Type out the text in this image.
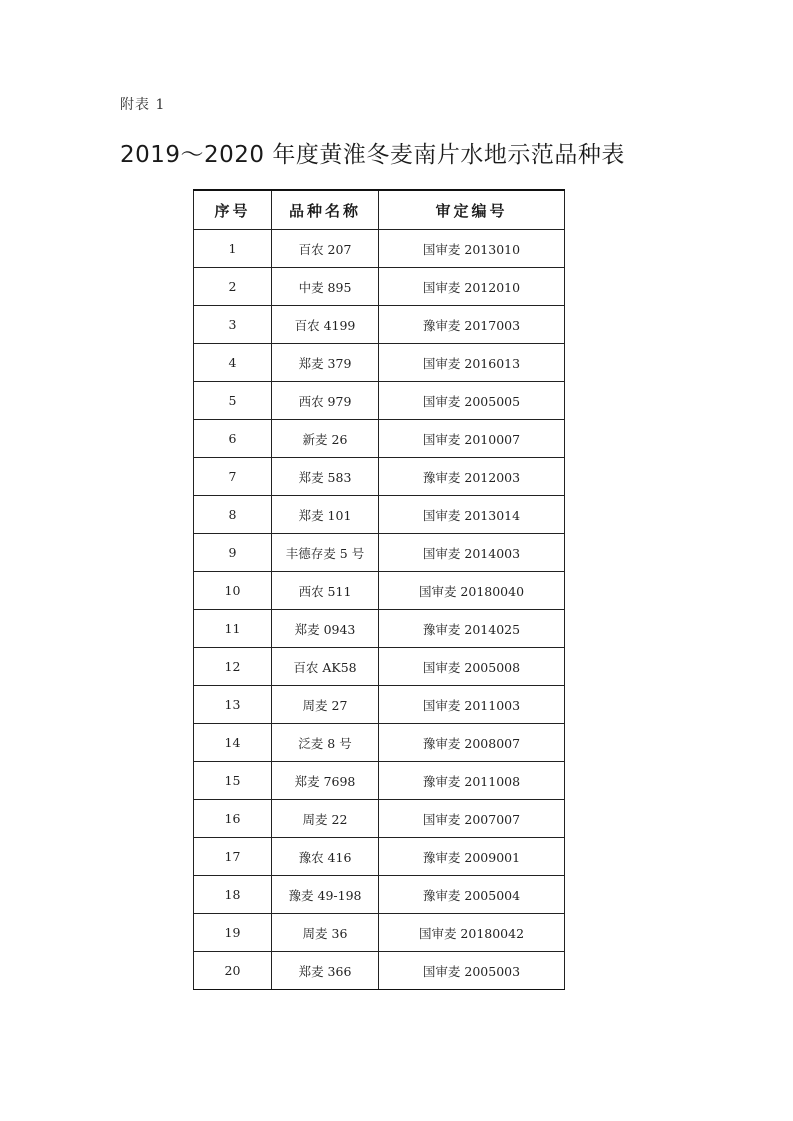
附表 1
2019～2020 年度黄淮冬麦南片水地示范品种表
序号	品种名称	审定编号
1	百农 207	国审麦 2013010
2	中麦 895	国审麦 2012010
3	百农 4199	豫审麦 2017003
4	郑麦 379	国审麦 2016013
5	西农 979	国审麦 2005005
6	新麦 26	国审麦 2010007
7	郑麦 583	豫审麦 2012003
8	郑麦 101	国审麦 2013014
9	丰德存麦 5 号	国审麦 2014003
10	西农 511	国审麦 20180040
11	郑麦 0943	豫审麦 2014025
12	百农 AK58	国审麦 2005008
13	周麦 27	国审麦 2011003
14	泛麦 8 号	豫审麦 2008007
15	郑麦 7698	豫审麦 2011008
16	周麦 22	国审麦 2007007
17	豫农 416	豫审麦 2009001
18	豫麦 49-198	豫审麦 2005004
19	周麦 36	国审麦 20180042
20	郑麦 366	国审麦 2005003
